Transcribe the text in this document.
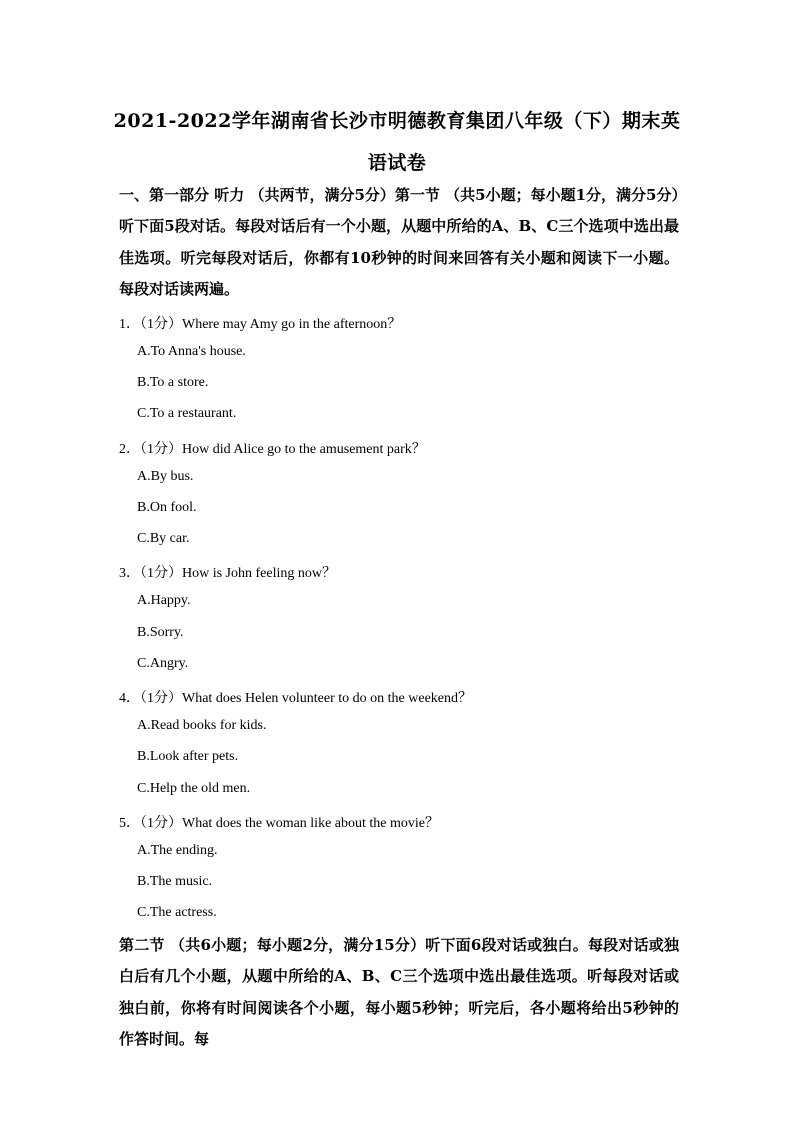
2021-2022学年湖南省长沙市明德教育集团八年级（下）期末英
语试卷
一、第一部分 听力 （共两节，满分5分）第一节 （共5小题；每小题1分，满分5分）听下面5段对话。每段对话后有一个小题，从题中所给的A、B、C三个选项中选出最佳选项。听完每段对话后，你都有10秒钟的时间来回答有关小题和阅读下一小题。每段对话读两遍。
1．（1分）Where may Amy go in the afternoon？
A.To Anna's house.
B.To a store.
C.To a restaurant.
2．（1分）How did Alice go to the amusement park？
A.By bus.
B.On fool.
C.By car.
3．（1分）How is John feeling now？
A.Happy.
B.Sorry.
C.Angry.
4．（1分）What does Helen volunteer to do on the weekend？
A.Read books for kids.
B.Look after pets.
C.Help the old men.
5．（1分）What does the woman like about the movie？
A.The ending.
B.The music.
C.The actress.
第二节 （共6小题；每小题2分，满分15分）听下面6段对话或独白。每段对话或独白后有几个小题，从题中所给的A、B、C三个选项中选出最佳选项。听每段对话或独白前，你将有时间阅读各个小题，每小题5秒钟；听完后，各小题将给出5秒钟的作答时间。每
